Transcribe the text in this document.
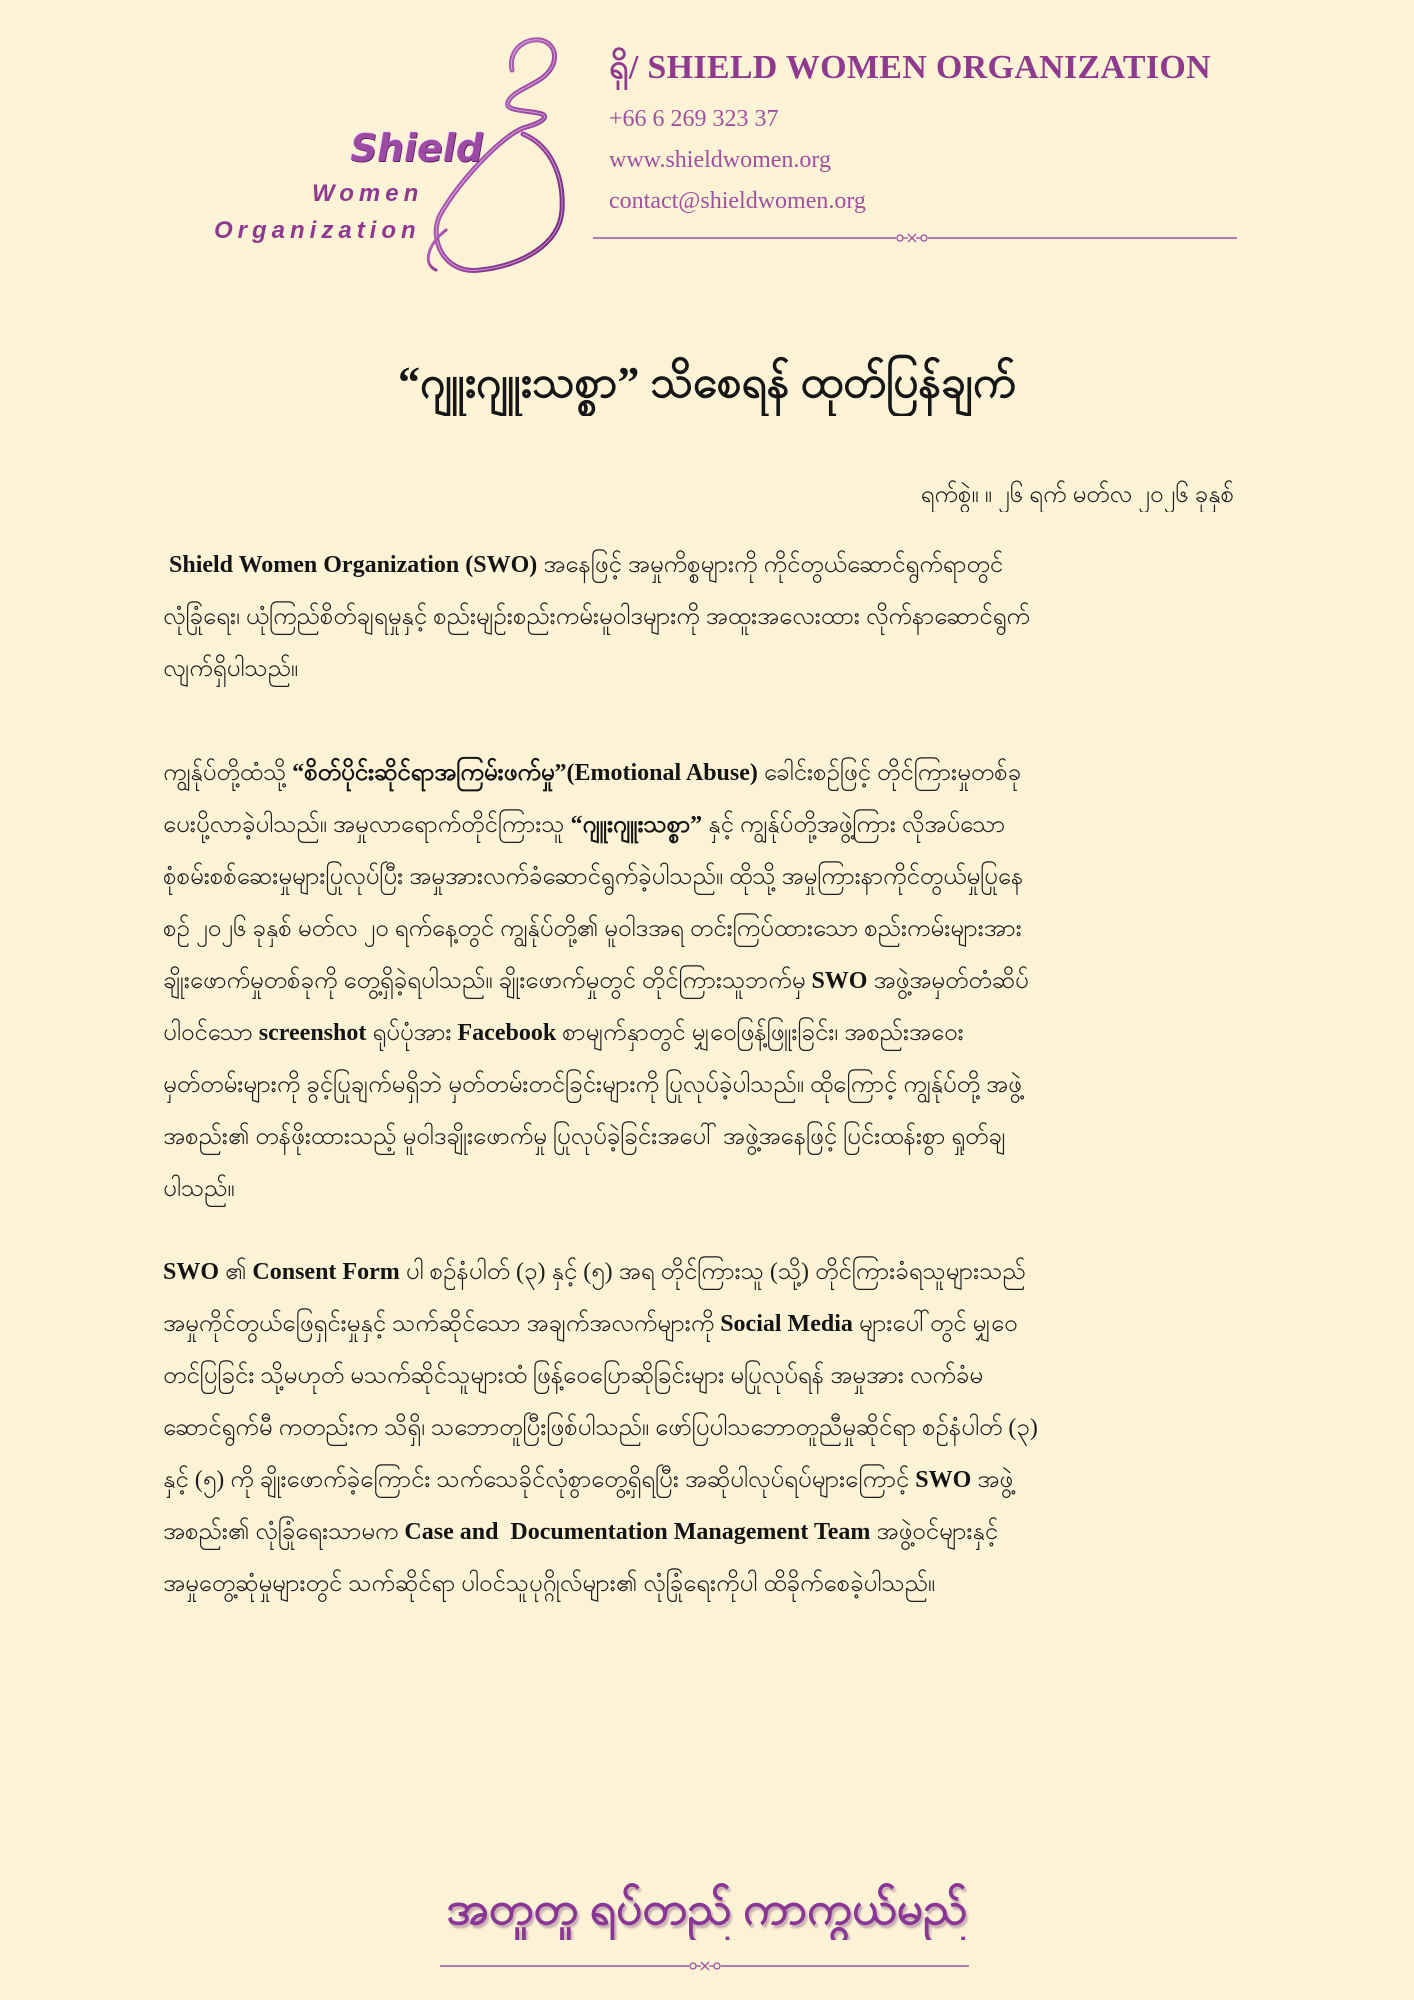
Shield
Women
Organization
ရှိ/ SHIELD WOMEN ORGANIZATION
+66 6 269 323 37
www.shieldwomen.org
contact@shieldwomen.org
“ဂျူးဂျူးသစ္စာ” သိစေရန် ထုတ်ပြန်ချက်
ရက်စွဲ။ ။ ၂၆ ရက် မတ်လ ၂၀၂၆ ခုနှစ်
Shield Women Organization (SWO) အနေဖြင့် အမှုကိစ္စများကို ကိုင်တွယ်ဆောင်ရွက်ရာတွင်
လုံခြုံရေး၊ ယုံကြည်စိတ်ချရမှုနှင့် စည်းမျဉ်းစည်းကမ်းမူဝါဒများကို အထူးအလေးထား လိုက်နာဆောင်ရွက်
လျက်ရှိပါသည်။
ကျွန်ုပ်တို့ထံသို့ “စိတ်ပိုင်းဆိုင်ရာအကြမ်းဖက်မှု”(Emotional Abuse) ခေါင်းစဉ်ဖြင့် တိုင်ကြားမှုတစ်ခု
ပေးပို့လာခဲ့ပါသည်။ အမှုလာရောက်တိုင်ကြားသူ “ဂျူးဂျူးသစ္စာ” နှင့် ကျွန်ုပ်တို့အဖွဲ့ကြား လိုအပ်သော
စုံစမ်းစစ်ဆေးမှုများပြုလုပ်ပြီး အမှုအားလက်ခံဆောင်ရွက်ခဲ့ပါသည်။ ထိုသို့ အမှုကြားနာကိုင်တွယ်မှုပြုနေ
စဉ် ၂၀၂၆ ခုနှစ် မတ်လ ၂၀ ရက်နေ့တွင် ကျွန်ုပ်တို့၏ မူဝါဒအရ တင်းကြပ်ထားသော စည်းကမ်းများအား
ချိုးဖောက်မှုတစ်ခုကို တွေ့ရှိခဲ့ရပါသည်။ ချိုးဖောက်မှုတွင် တိုင်ကြားသူဘက်မှ SWO အဖွဲ့အမှတ်တံဆိပ်
ပါဝင်သော screenshot ရုပ်ပုံအား Facebook စာမျက်နှာတွင် မျှဝေဖြန့်ဖြူးခြင်း၊ အစည်းအဝေး
မှတ်တမ်းများကို ခွင့်ပြုချက်မရှိဘဲ မှတ်တမ်းတင်ခြင်းများကို ပြုလုပ်ခဲ့ပါသည်။ ထိုကြောင့် ကျွန်ုပ်တို့ အဖွဲ့
အစည်း၏ တန်ဖိုးထားသည့် မူဝါဒချိုးဖောက်မှု ပြုလုပ်ခဲ့ခြင်းအပေါ် အဖွဲ့အနေဖြင့် ပြင်းထန်းစွာ ရှုတ်ချ
ပါသည်။
SWO ၏ Consent Form ပါ စဉ်နံပါတ် (၃) နှင့် (၅) အရ တိုင်ကြားသူ (သို့) တိုင်ကြားခံရသူများသည်
အမှုကိုင်တွယ်ဖြေရှင်းမှုနှင့် သက်ဆိုင်သော အချက်အလက်များကို Social Media များပေါ်တွင် မျှဝေ
တင်ပြခြင်း သို့မဟုတ် မသက်ဆိုင်သူများထံ ဖြန့်ဝေပြောဆိုခြင်းများ မပြုလုပ်ရန် အမှုအား လက်ခံမ
ဆောင်ရွက်မီ ကတည်းက သိရှိ၊ သဘောတူပြီးဖြစ်ပါသည်။ ဖော်ပြပါသဘောတူညီမှုဆိုင်ရာ စဉ်နံပါတ် (၃)
နှင့် (၅) ကို ချိုးဖောက်ခဲ့ကြောင်း သက်သေခိုင်လုံစွာတွေ့ရှိရပြီး အဆိုပါလုပ်ရပ်များကြောင့် SWO အဖွဲ့
အစည်း၏ လုံခြုံရေးသာမက Case and  Documentation Management Team အဖွဲ့ဝင်များနှင့်
အမှုတွေ့ဆုံမှုများတွင် သက်ဆိုင်ရာ ပါဝင်သူပုဂ္ဂိုလ်များ၏ လုံခြုံရေးကိုပါ ထိခိုက်စေခဲ့ပါသည်။
အတူတူ ရပ်တည် ကာကွယ်မည်
